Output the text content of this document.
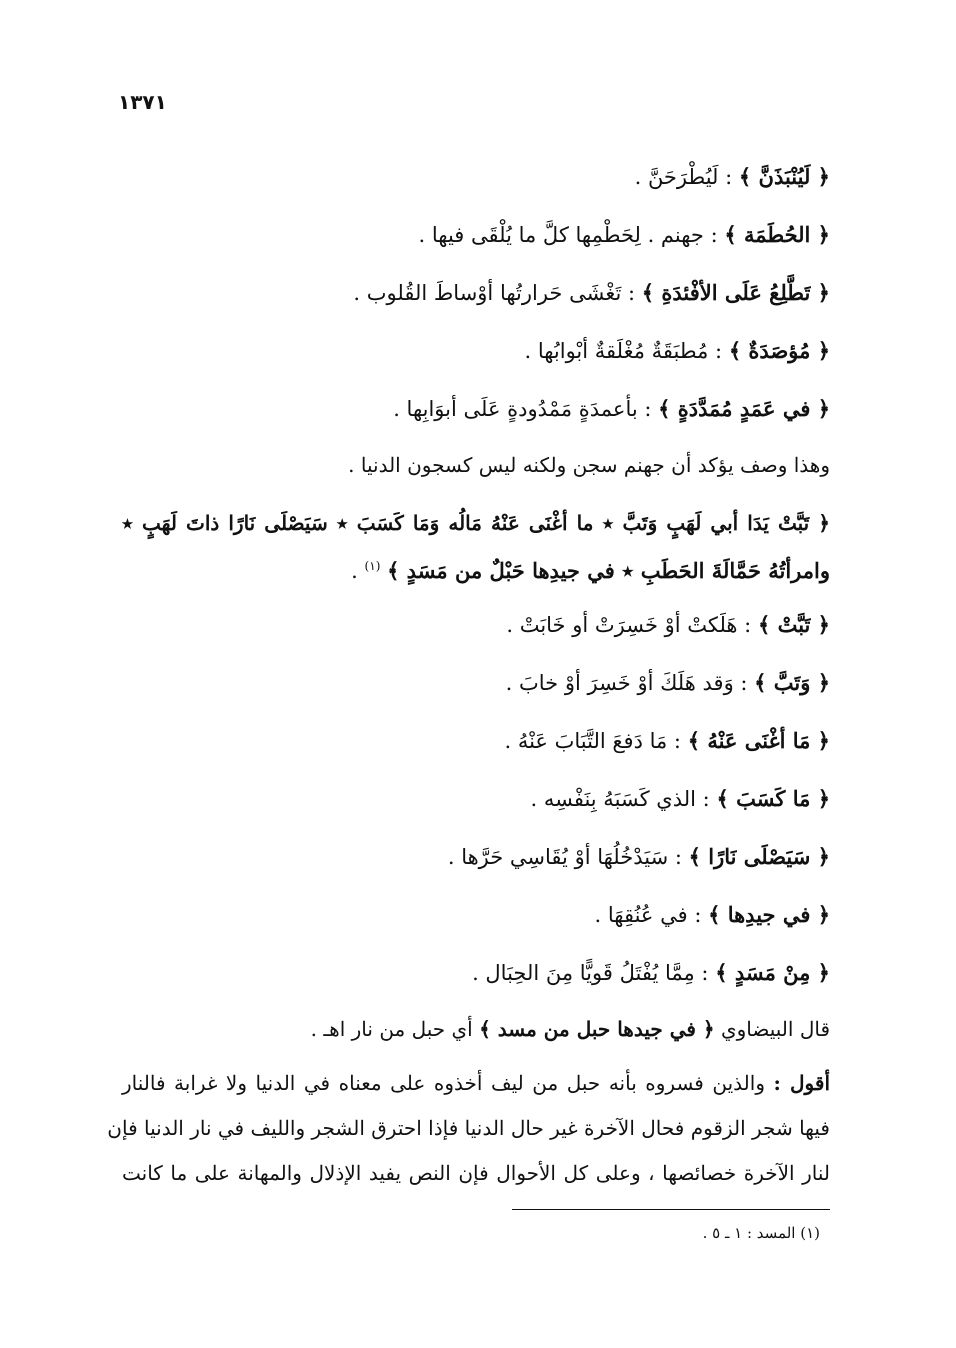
١٣٧١
﴿ لَيُنْبَذَنَّ ﴾ : لَيُطْرَحَنَّ .
﴿ الحُطَمَة ﴾ : جهنم . لِحَطْمِها كلَّ ما يُلْقَى فيها .
﴿ تَطَّلِعُ عَلَى الأفْئدَةِ ﴾ : تَغْشَى حَرارتُها أوْساطَ القُلوب .
﴿ مُؤصَدَةٌ ﴾ : مُطبَقَةٌ مُغْلَقةٌ أبْوابُها .
﴿ في عَمَدٍ مُمَدَّدَةٍ ﴾ : بأعمدَةٍ مَمْدُودةٍ عَلَى أبوَابِها .
وهذا وصف يؤكد أن جهنم سجن ولكنه ليس كسجون الدنيا .
﴿ تَبَّتْ يَدَا أبي لَهَبٍ وَتَبَّ ٭ ما أغْنَى عَنْهُ مَالُه وَمَا كَسَبَ ٭ سَيَصْلَى نَارًا ذاتَ لَهَبٍ ٭
وامرأتُهُ حَمَّالَةَ الحَطَبِ ٭ في جيدِها حَبْلٌ من مَسَدٍ ﴾ $^{(١)}$ .
﴿ تَبَّتْ ﴾ : هَلَكتْ أوْ خَسِرَتْ أو خَابَتْ .
﴿ وَتَبَّ ﴾ : وَقد هَلَكَ أوْ خَسِرَ أوْ خابَ .
﴿ مَا أغْنَى عَنْهُ ﴾ : مَا دَفعَ التَّبَابَ عَنْهُ .
﴿ مَا كَسَبَ ﴾ : الذي كَسَبَهُ بِنَفْسِه .
﴿ سَيَصْلَى نَارًا ﴾ : سَيَدْخُلُهَا أوْ يُقَاسِي حَرَّها .
﴿ في جيدِها ﴾ : في عُنُقِهَا .
﴿ مِنْ مَسَدٍ ﴾ : مِمَّا يُفْتَلُ قَويًّا مِنَ الحِبَال .
قال البيضاوي ﴿ في جيدها حبل من مسد ﴾ أي حبل من نار اهـ .
أقول : والذين فسروه بأنه حبل من ليف أخذوه على معناه في الدنيا ولا غرابة فالنار
فيها شجر الزقوم فحال الآخرة غير حال الدنيا فإذا احترق الشجر والليف في نار الدنيا فإن
لنار الآخرة خصائصها ، وعلى كل الأحوال فإن النص يفيد الإذلال والمهانة على ما كانت
(١) المسد : ١ ـ ٥ .
